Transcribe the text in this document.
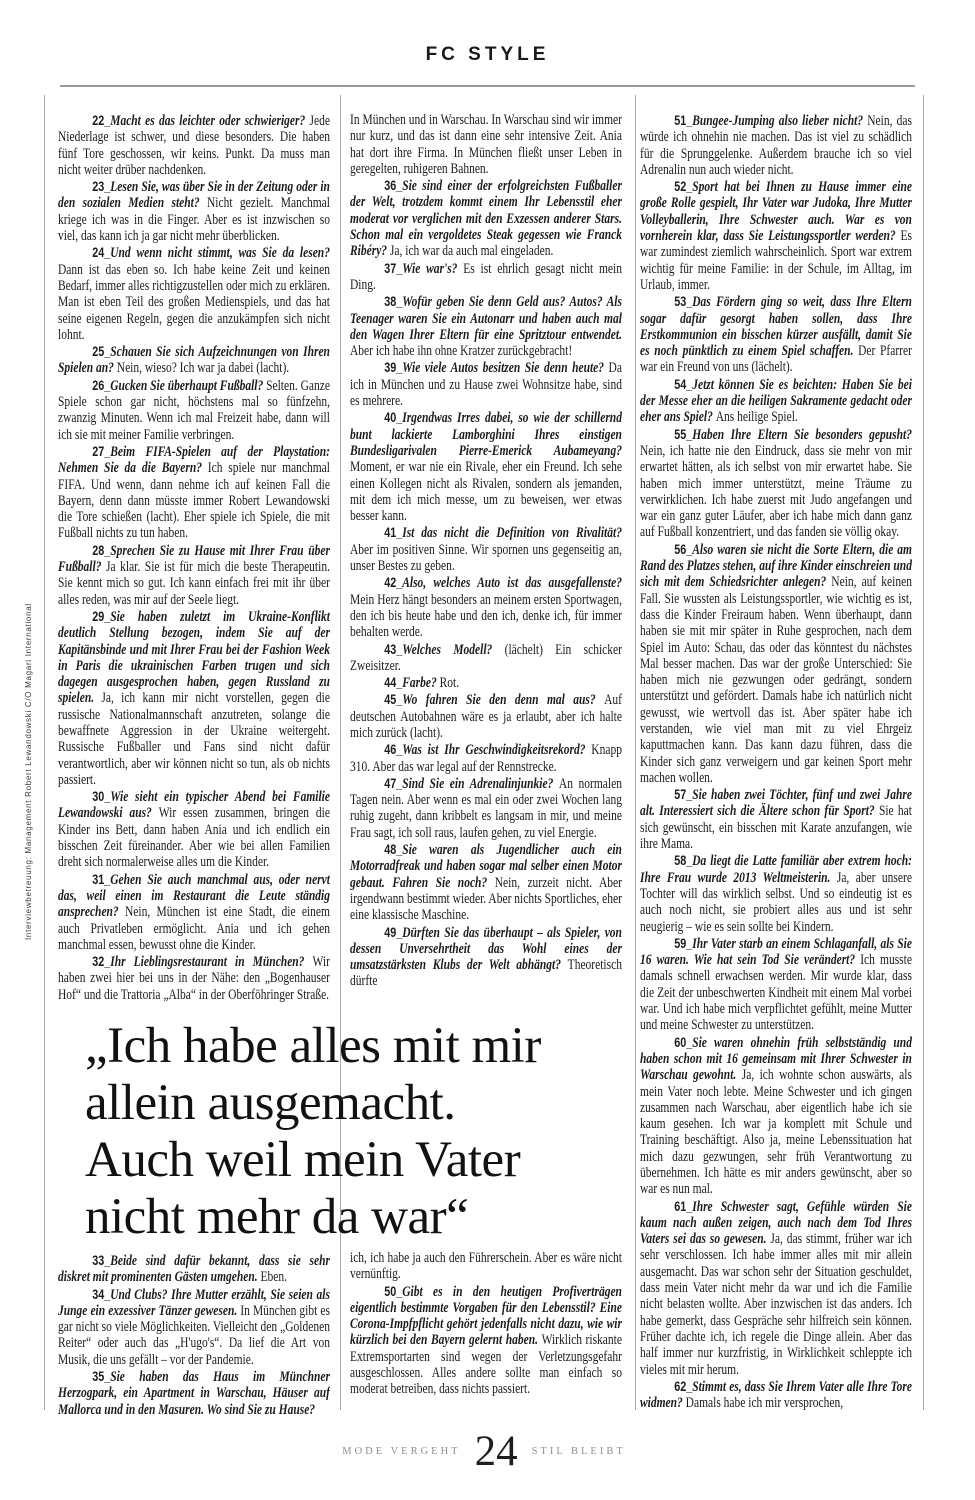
FC STYLE
Interviewbetreuung: Management Robert Lewandowski C/O Magari International

22_Macht es das leichter oder schwieriger? Jede Niederlage ist schwer, und diese besonders. Die haben fünf Tore geschossen, wir keins. Punkt. Da muss man nicht weiter drüber nachdenken.

23_Lesen Sie, was über Sie in der Zeitung oder in den sozialen Medien steht? Nicht gezielt. Manchmal kriege ich was in die Finger. Aber es ist inzwischen so viel, das kann ich ja gar nicht mehr überblicken.

24_Und wenn nicht stimmt, was Sie da lesen? Dann ist das eben so. Ich habe keine Zeit und keinen Bedarf, immer alles richtigzustellen oder mich zu erklären. Man ist eben Teil des großen Medienspiels, und das hat seine eigenen Regeln, gegen die anzukämpfen sich nicht lohnt.

25_Schauen Sie sich Aufzeichnungen von Ihren Spielen an? Nein, wieso? Ich war ja dabei (lacht).

26_Gucken Sie überhaupt Fußball? Selten. Ganze Spiele schon gar nicht, höchstens mal so fünfzehn, zwanzig Minuten. Wenn ich mal Freizeit habe, dann will ich sie mit meiner Familie verbringen.

27_Beim FIFA-Spielen auf der Playstation: Nehmen Sie da die Bayern? Ich spiele nur manchmal FIFA. Und wenn, dann nehme ich auf keinen Fall die Bayern, denn dann müsste immer Robert Lewandowski die Tore schießen (lacht). Eher spiele ich Spiele, die mit Fußball nichts zu tun haben.

28_Sprechen Sie zu Hause mit Ihrer Frau über Fußball? Ja klar. Sie ist für mich die beste Therapeutin. Sie kennt mich so gut. Ich kann einfach frei mit ihr über alles reden, was mir auf der Seele liegt.

29_Sie haben zuletzt im Ukraine-Konflikt deutlich Stellung bezogen, indem Sie auf der Kapitänsbinde und mit Ihrer Frau bei der Fashion Week in Paris die ukrainischen Farben trugen und sich dagegen ausgesprochen haben, gegen Russland zu spielen. Ja, ich kann mir nicht vorstellen, gegen die russische Nationalmannschaft anzutreten, solange die bewaffnete Aggression in der Ukraine weitergeht. Russische Fußballer und Fans sind nicht dafür verantwortlich, aber wir können nicht so tun, als ob nichts passiert.

30_Wie sieht ein typischer Abend bei Familie Lewandowski aus? Wir essen zusammen, bringen die Kinder ins Bett, dann haben Ania und ich endlich ein bisschen Zeit füreinander. Aber wie bei allen Familien dreht sich normalerweise alles um die Kinder.

31_Gehen Sie auch manchmal aus, oder nervt das, weil einen im Restaurant die Leute ständig ansprechen? Nein, München ist eine Stadt, die einem auch Privatleben ermöglicht. Ania und ich gehen manchmal essen, bewusst ohne die Kinder.

32_Ihr Lieblingsrestaurant in München? Wir haben zwei hier bei uns in der Nähe: den „Bogenhauser Hof“ und die Trattoria „Alba“ in der Oberföhringer Straße.

In München und in Warschau. In Warschau sind wir immer nur kurz, und das ist dann eine sehr intensive Zeit. Ania hat dort ihre Firma. In München fließt unser Leben in geregelten, ruhigeren Bahnen.

36_Sie sind einer der erfolgreichsten Fußballer der Welt, trotzdem kommt einem Ihr Lebensstil eher moderat vor verglichen mit den Exzessen anderer Stars. Schon mal ein vergoldetes Steak gegessen wie Franck Ribéry? Ja, ich war da auch mal eingeladen.

37_Wie war's? Es ist ehrlich gesagt nicht mein Ding.

38_Wofür geben Sie denn Geld aus? Autos? Als Teenager waren Sie ein Autonarr und haben auch mal den Wagen Ihrer Eltern für eine Spritztour entwendet. Aber ich habe ihn ohne Kratzer zurückgebracht!

39_Wie viele Autos besitzen Sie denn heute? Da ich in München und zu Hause zwei Wohnsitze habe, sind es mehrere.

40_Irgendwas Irres dabei, so wie der schillernd bunt lackierte Lamborghini Ihres einstigen Bundesligarivalen Pierre-Emerick Aubameyang? Moment, er war nie ein Rivale, eher ein Freund. Ich sehe einen Kollegen nicht als Rivalen, sondern als jemanden, mit dem ich mich messe, um zu beweisen, wer etwas besser kann.

41_Ist das nicht die Definition von Rivalität? Aber im positiven Sinne. Wir spornen uns gegenseitig an, unser Bestes zu geben.

42_Also, welches Auto ist das ausgefallenste? Mein Herz hängt besonders an meinem ersten Sportwagen, den ich bis heute habe und den ich, denke ich, für immer behalten werde.

43_Welches Modell? (lächelt) Ein schicker Zweisitzer.

44_Farbe? Rot.

45_Wo fahren Sie den denn mal aus? Auf deutschen Autobahnen wäre es ja erlaubt, aber ich halte mich zurück (lacht).

46_Was ist Ihr Geschwindigkeitsrekord? Knapp 310. Aber das war legal auf der Rennstrecke.

47_Sind Sie ein Adrenalinjunkie? An normalen Tagen nein. Aber wenn es mal ein oder zwei Wochen lang ruhig zugeht, dann kribbelt es langsam in mir, und meine Frau sagt, ich soll raus, laufen gehen, zu viel Energie.

48_Sie waren als Jugendlicher auch ein Motorradfreak und haben sogar mal selber einen Motor gebaut. Fahren Sie noch? Nein, zurzeit nicht. Aber irgendwann bestimmt wieder. Aber nichts Sportliches, eher eine klassische Maschine.

49_Dürften Sie das überhaupt – als Spieler, von dessen Unversehrtheit das Wohl eines der umsatzstärksten Klubs der Welt abhängt? Theoretisch dürfte

51_Bungee-Jumping also lieber nicht? Nein, das würde ich ohnehin nie machen. Das ist viel zu schädlich für die Sprunggelenke. Außerdem brauche ich so viel Adrenalin nun auch wieder nicht.

52_Sport hat bei Ihnen zu Hause immer eine große Rolle gespielt, Ihr Vater war Judoka, Ihre Mutter Volleyballerin, Ihre Schwester auch. War es von vornherein klar, dass Sie Leistungssportler werden? Es war zumindest ziemlich wahrscheinlich. Sport war extrem wichtig für meine Familie: in der Schule, im Alltag, im Urlaub, immer.

53_Das Fördern ging so weit, dass Ihre Eltern sogar dafür gesorgt haben sollen, dass Ihre Erstkommunion ein bisschen kürzer ausfällt, damit Sie es noch pünktlich zu einem Spiel schaffen. Der Pfarrer war ein Freund von uns (lächelt).

54_Jetzt können Sie es beichten: Haben Sie bei der Messe eher an die heiligen Sakramente gedacht oder eher ans Spiel? Ans heilige Spiel.

55_Haben Ihre Eltern Sie besonders gepusht? Nein, ich hatte nie den Eindruck, dass sie mehr von mir erwartet hätten, als ich selbst von mir erwartet habe. Sie haben mich immer unterstützt, meine Träume zu verwirklichen. Ich habe zuerst mit Judo angefangen und war ein ganz guter Läufer, aber ich habe mich dann ganz auf Fußball konzentriert, und das fanden sie völlig okay.

56_Also waren sie nicht die Sorte Eltern, die am Rand des Platzes stehen, auf ihre Kinder einschreien und sich mit dem Schiedsrichter anlegen? Nein, auf keinen Fall. Sie wussten als Leistungssportler, wie wichtig es ist, dass die Kinder Freiraum haben. Wenn überhaupt, dann haben sie mit mir später in Ruhe gesprochen, nach dem Spiel im Auto: Schau, das oder das könntest du nächstes Mal besser machen. Das war der große Unterschied: Sie haben mich nie gezwungen oder gedrängt, sondern unterstützt und gefördert. Damals habe ich natürlich nicht gewusst, wie wertvoll das ist. Aber später habe ich verstanden, wie viel man mit zu viel Ehrgeiz kaputtmachen kann. Das kann dazu führen, dass die Kinder sich ganz verweigern und gar keinen Sport mehr machen wollen.

57_Sie haben zwei Töchter, fünf und zwei Jahre alt. Interessiert sich die Ältere schon für Sport? Sie hat sich gewünscht, ein bisschen mit Karate anzufangen, wie ihre Mama.

58_Da liegt die Latte familiär aber extrem hoch: Ihre Frau wurde 2013 Weltmeisterin. Ja, aber unsere Tochter will das wirklich selbst. Und so eindeutig ist es auch noch nicht, sie probiert alles aus und ist sehr neugierig – wie es sein sollte bei Kindern.

59_Ihr Vater starb an einem Schlaganfall, als Sie 16 waren. Wie hat sein Tod Sie verändert? Ich musste damals schnell erwachsen werden. Mir wurde klar, dass die Zeit der unbeschwerten Kindheit mit einem Mal vorbei war. Und ich habe mich verpflichtet gefühlt, meine Mutter und meine Schwester zu unterstützen.

60_Sie waren ohnehin früh selbstständig und haben schon mit 16 gemeinsam mit Ihrer Schwester in Warschau gewohnt. Ja, ich wohnte schon auswärts, als mein Vater noch lebte. Meine Schwester und ich gingen zusammen nach Warschau, aber eigentlich habe ich sie kaum gesehen. Ich war ja komplett mit Schule und Training beschäftigt. Also ja, meine Lebenssituation hat mich dazu gezwungen, sehr früh Verantwortung zu übernehmen. Ich hätte es mir anders gewünscht, aber so war es nun mal.

61_Ihre Schwester sagt, Gefühle würden Sie kaum nach außen zeigen, auch nach dem Tod Ihres Vaters sei das so gewesen. Ja, das stimmt, früher war ich sehr verschlossen. Ich habe immer alles mit mir allein ausgemacht. Das war schon sehr der Situation geschuldet, dass mein Vater nicht mehr da war und ich die Familie nicht belasten wollte. Aber inzwischen ist das anders. Ich habe gemerkt, dass Gespräche sehr hilfreich sein können. Früher dachte ich, ich regele die Dinge allein. Aber das half immer nur kurzfristig, in Wirklichkeit schleppte ich vieles mit mir herum.

62_Stimmt es, dass Sie Ihrem Vater alle Ihre Tore widmen? Damals habe ich mir versprochen,

„Ich habe alles mit mir
allein ausgemacht.
Auch weil mein Vater
nicht mehr da war“

33_Beide sind dafür bekannt, dass sie sehr diskret mit prominenten Gästen umgehen. Eben.

34_Und Clubs? Ihre Mutter erzählt, Sie seien als Junge ein exzessiver Tänzer gewesen. In München gibt es gar nicht so viele Möglichkeiten. Vielleicht den „Goldenen Reiter“ oder auch das „H'ugo's“. Da lief die Art von Musik, die uns gefällt – vor der Pandemie.

35_Sie haben das Haus im Münchner Herzogpark, ein Apartment in Warschau, Häuser auf Mallorca und in den Masuren. Wo sind Sie zu Hause?

ich, ich habe ja auch den Führerschein. Aber es wäre nicht vernünftig.

50_Gibt es in den heutigen Profiverträgen eigentlich bestimmte Vorgaben für den Lebensstil? Eine Corona-Impfpflicht gehört jedenfalls nicht dazu, wie wir kürzlich bei den Bayern gelernt haben. Wirklich riskante Extremsportarten sind wegen der Verletzungsgefahr ausgeschlossen. Alles andere sollte man einfach so moderat betreiben, dass nichts passiert.

MODE VERGEHT 24 STIL BLEIBT
